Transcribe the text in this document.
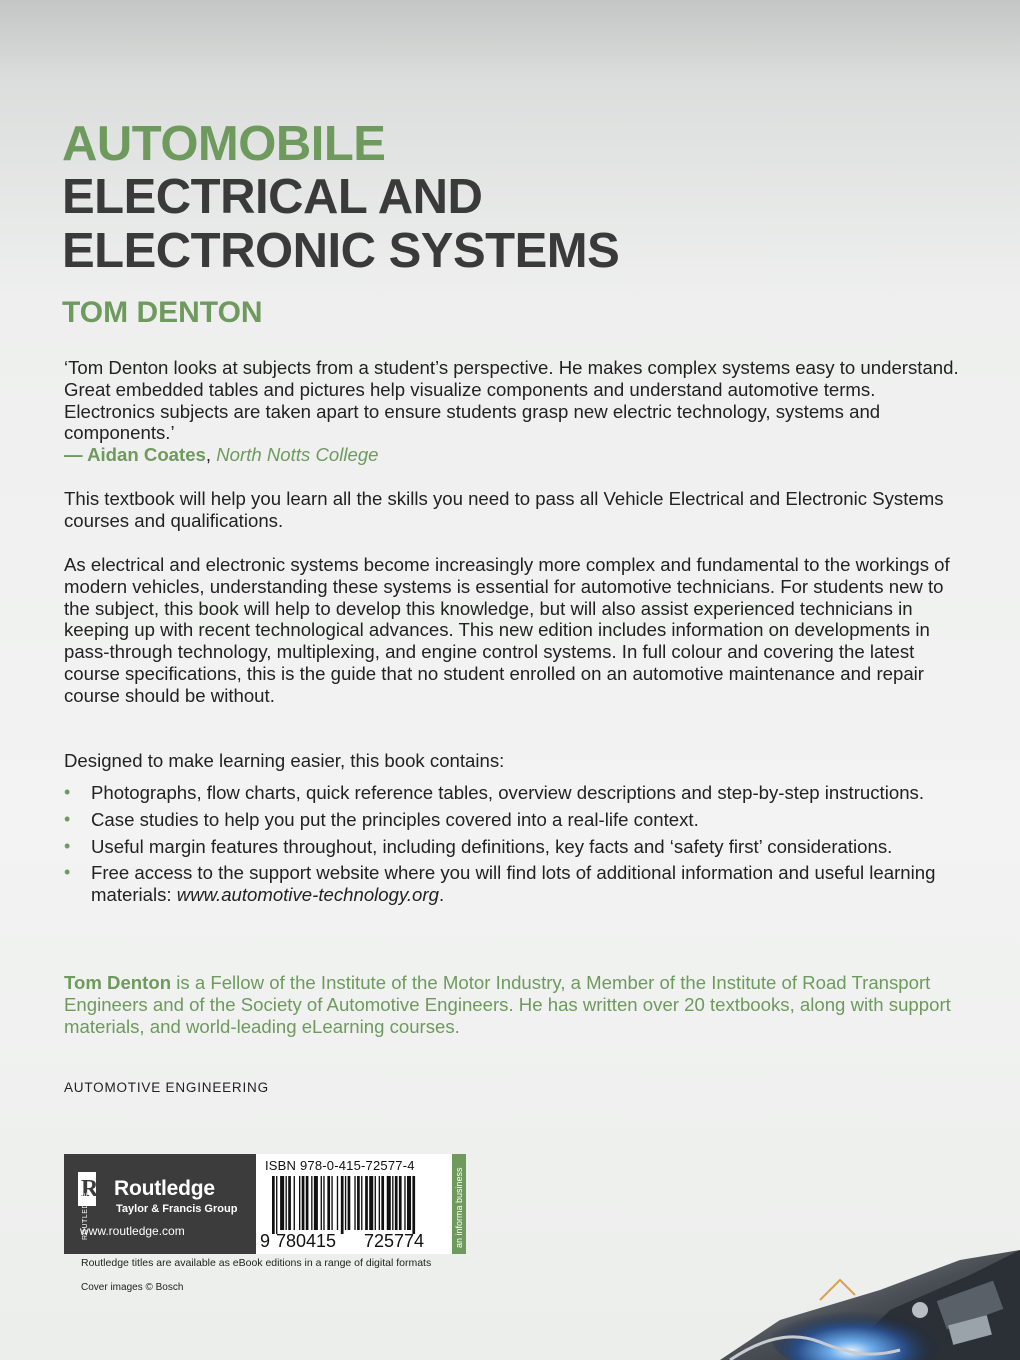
AUTOMOBILE
ELECTRICAL AND
ELECTRONIC SYSTEMS
TOM DENTON
‘Tom Denton looks at subjects from a student’s perspective. He makes complex systems easy to understand. Great embedded tables and pictures help visualize components and understand automotive terms. Electronics subjects are taken apart to ensure students grasp new electric technology, systems and components.’
— Aidan Coates, North Notts College
This textbook will help you learn all the skills you need to pass all Vehicle Electrical and Electronic Systems courses and qualifications.
As electrical and electronic systems become increasingly more complex and fundamental to the workings of modern vehicles, understanding these systems is essential for automotive technicians. For students new to the subject, this book will help to develop this knowledge, but will also assist experienced technicians in keeping up with recent technological advances. This new edition includes information on developments in pass-through technology, multiplexing, and engine control systems. In full colour and covering the latest course specifications, this is the guide that no student enrolled on an automotive maintenance and repair course should be without.
Designed to make learning easier, this book contains:
• Photographs, flow charts, quick reference tables, overview descriptions and step-by-step instructions.
• Case studies to help you put the principles covered into a real-life context.
• Useful margin features throughout, including definitions, key facts and ‘safety first’ considerations.
• Free access to the support website where you will find lots of additional information and useful learning materials: www.automotive-technology.org.
Tom Denton is a Fellow of the Institute of the Motor Industry, a Member of the Institute of Road Transport Engineers and of the Society of Automotive Engineers. He has written over 20 textbooks, along with support materials, and world-leading eLearning courses.
AUTOMOTIVE ENGINEERING
R
ROUTLEDGE
Routledge
Taylor & Francis Group
www.routledge.com	9 780415 725774
ISBN 978-0-415-72577-4
an informa business
Routledge titles are available as eBook editions in a range of digital formats
Cover images © Bosch
